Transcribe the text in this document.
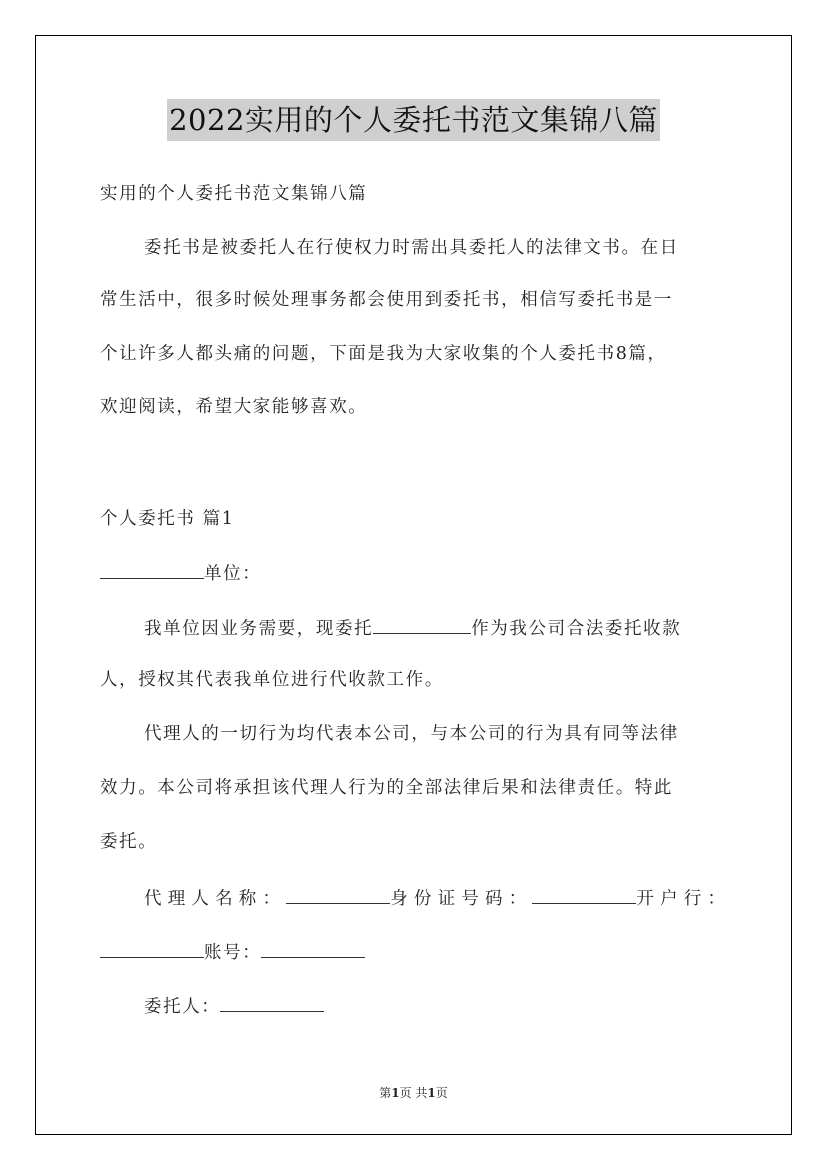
2022实用的个人委托书范文集锦八篇
实用的个人委托书范文集锦八篇
委托书是被委托人在行使权力时需出具委托人的法律文书。在日
常生活中，很多时候处理事务都会使用到委托书，相信写委托书是一
个让许多人都头痛的问题，下面是我为大家收集的个人委托书8篇，
欢迎阅读，希望大家能够喜欢。
个人委托书 篇1
单位：
我单位因业务需要，现委托	作为我公司合法委托收款
人，授权其代表我单位进行代收款工作。
代理人的一切行为均代表本公司，与本公司的行为具有同等法律
效力。本公司将承担该代理人行为的全部法律后果和法律责任。特此
委托。
代理人名称：	身份证号码：	开户行：
账号：
委托人：
第1页 共1页
